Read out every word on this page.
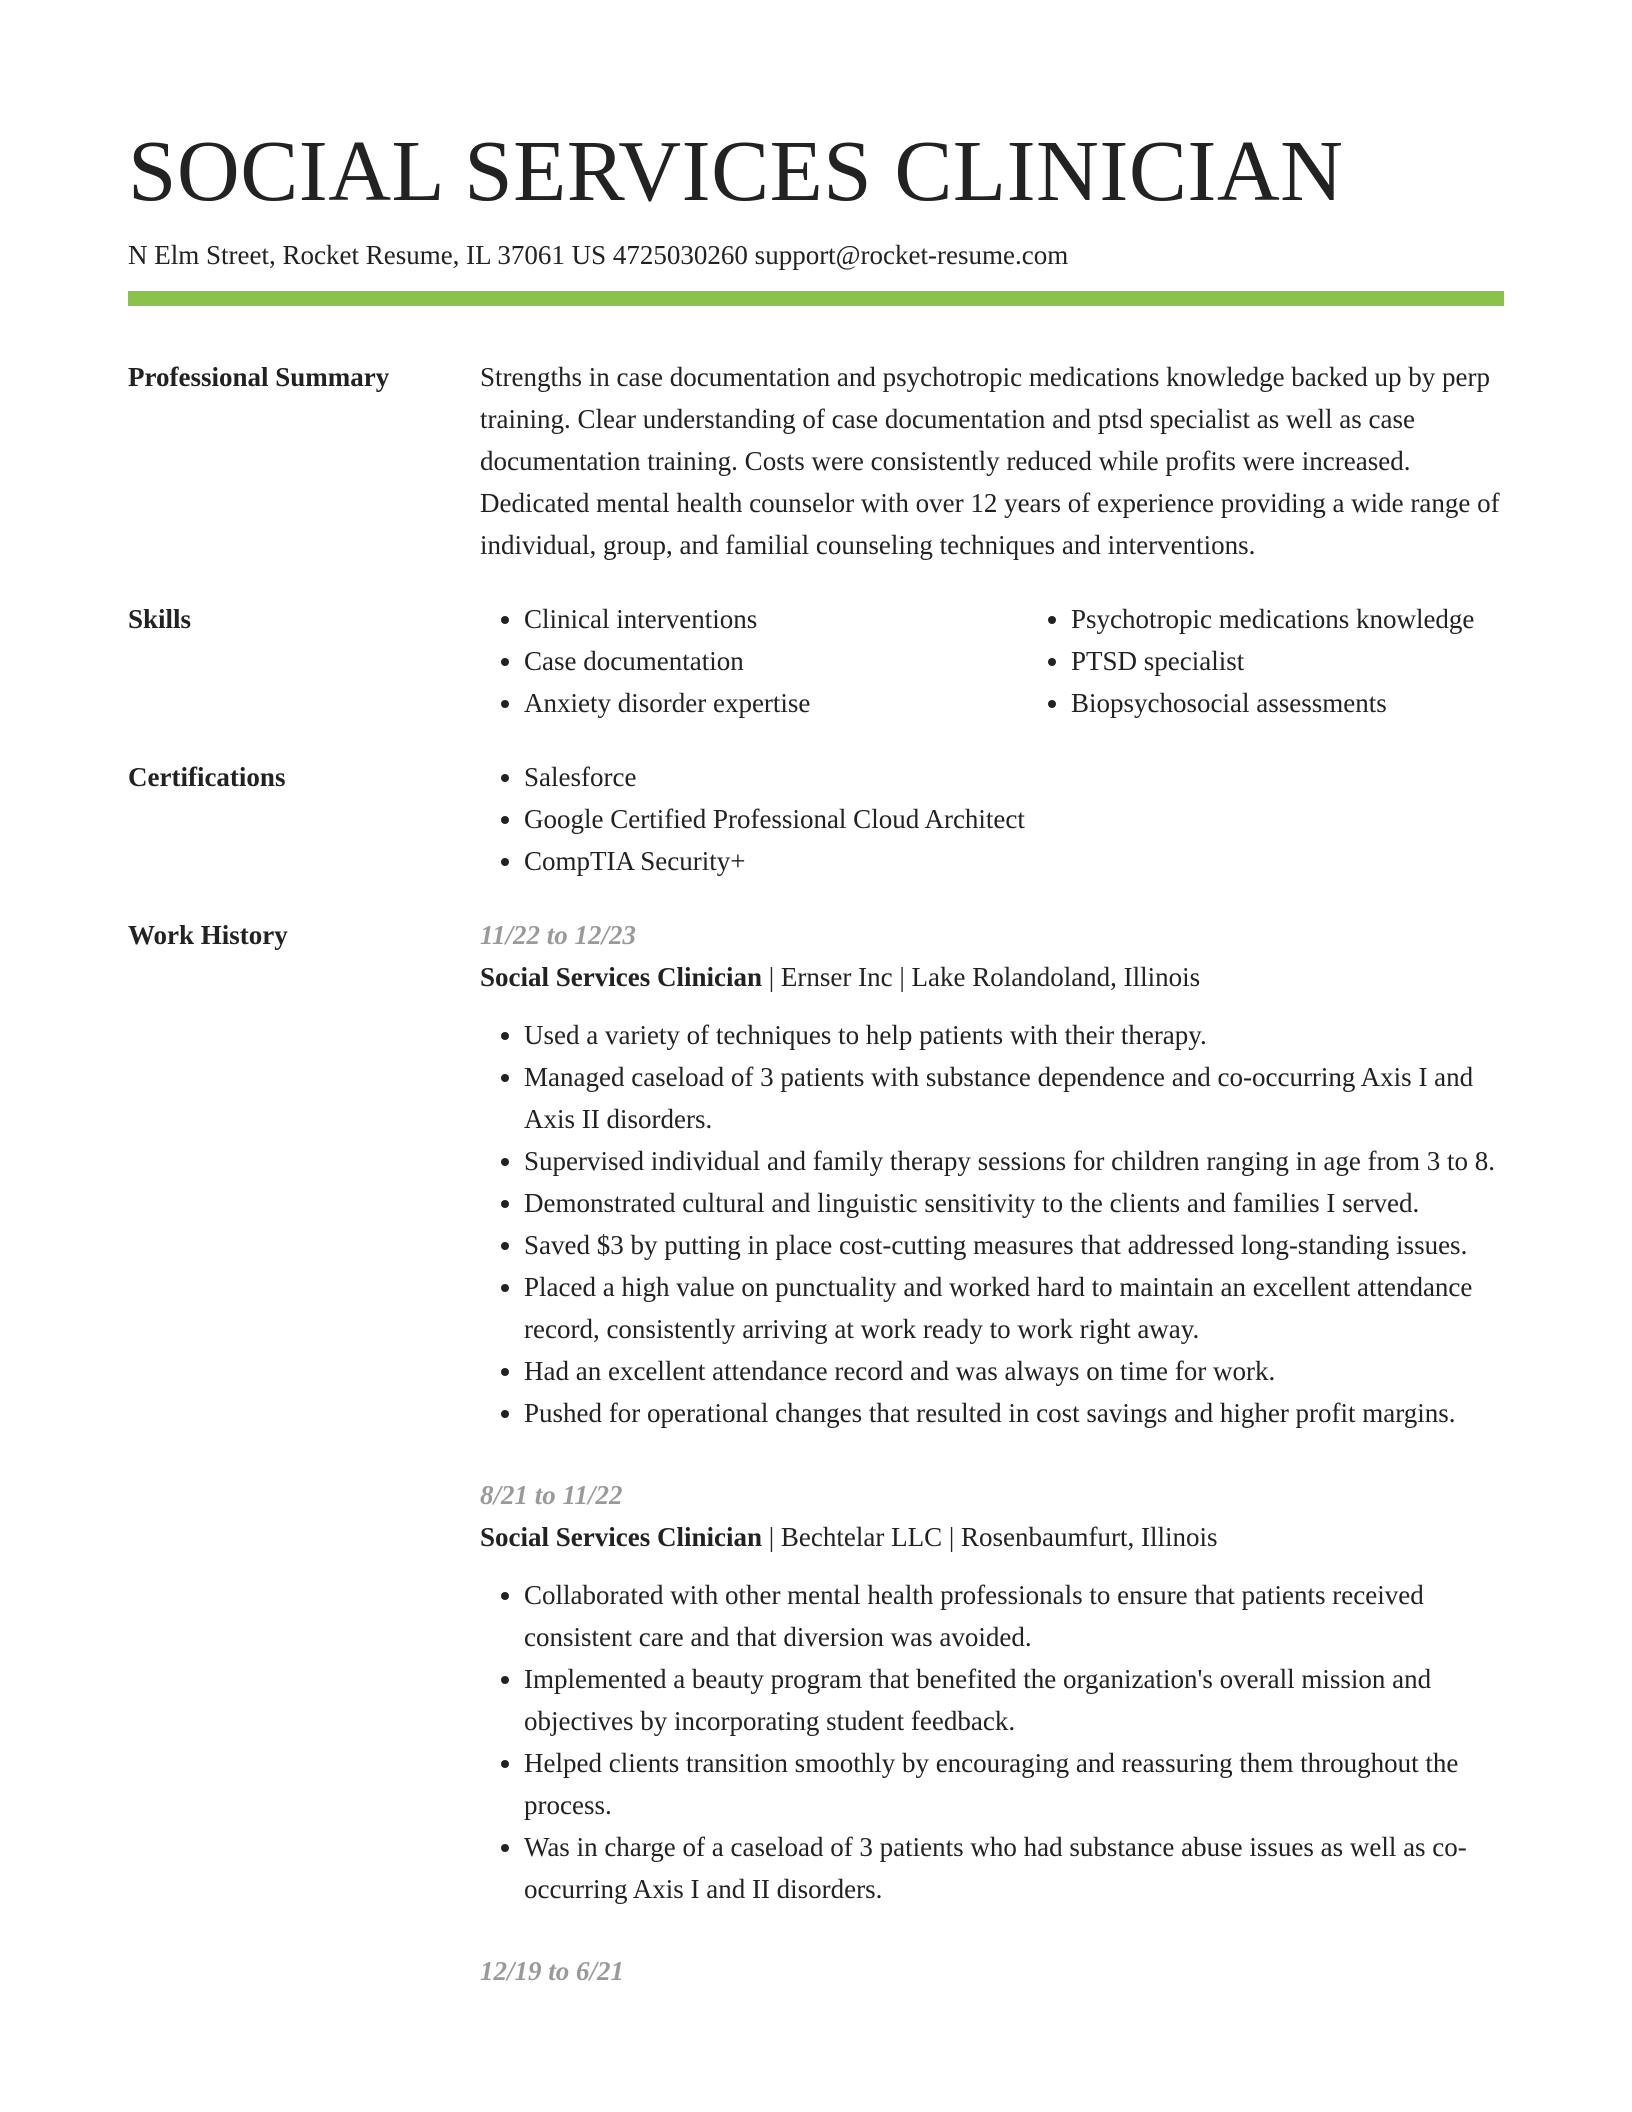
SOCIAL SERVICES CLINICIAN
N Elm Street, Rocket Resume, IL 37061 US 4725030260 support@rocket-resume.com
Professional Summary	Strengths in case documentation and psychotropic medications knowledge backed up by perp training. Clear understanding of case documentation and ptsd specialist as well as case documentation training. Costs were consistently reduced while profits were increased. Dedicated mental health counselor with over 12 years of experience providing a wide range of individual, group, and familial counseling techniques and interventions.
Skills	• Clinical interventions
• Case documentation
• Anxiety disorder expertise
• Psychotropic medications knowledge
• PTSD specialist
• Biopsychosocial assessments
Certifications	• Salesforce
• Google Certified Professional Cloud Architect
• CompTIA Security+
Work History	11/22 to 12/23
Social Services Clinician | Ernser Inc | Lake Rolandoland, Illinois
• Used a variety of techniques to help patients with their therapy.
• Managed caseload of 3 patients with substance dependence and co-occurring Axis I and Axis II disorders.
• Supervised individual and family therapy sessions for children ranging in age from 3 to 8.
• Demonstrated cultural and linguistic sensitivity to the clients and families I served.
• Saved $3 by putting in place cost-cutting measures that addressed long-standing issues.
• Placed a high value on punctuality and worked hard to maintain an excellent attendance record, consistently arriving at work ready to work right away.
• Had an excellent attendance record and was always on time for work.
• Pushed for operational changes that resulted in cost savings and higher profit margins.
8/21 to 11/22
Social Services Clinician | Bechtelar LLC | Rosenbaumfurt, Illinois
• Collaborated with other mental health professionals to ensure that patients received consistent care and that diversion was avoided.
• Implemented a beauty program that benefited the organization's overall mission and objectives by incorporating student feedback.
• Helped clients transition smoothly by encouraging and reassuring them throughout the process.
• Was in charge of a caseload of 3 patients who had substance abuse issues as well as co-occurring Axis I and II disorders.
12/19 to 6/21
